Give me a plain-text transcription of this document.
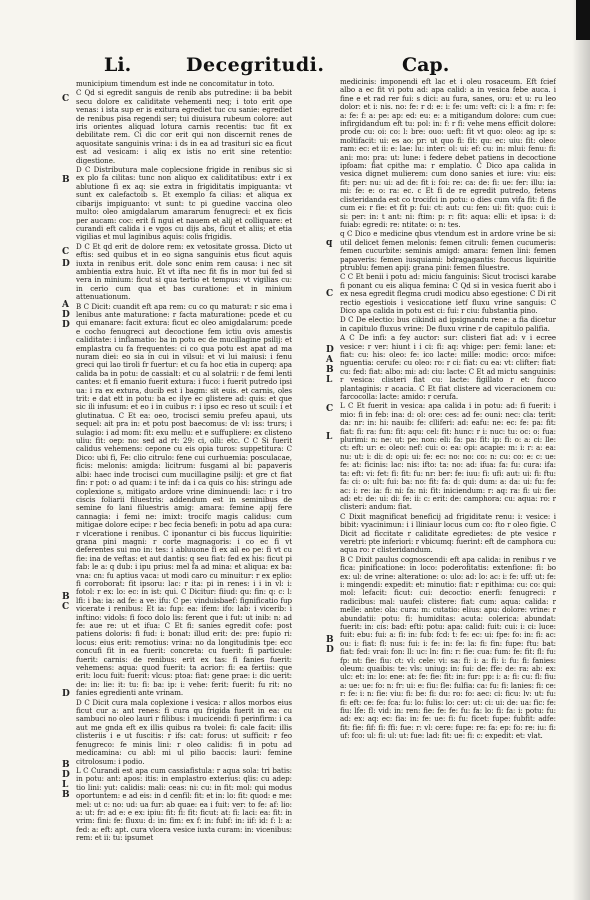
Li.	Decegritudi.	Cap.

municipium timendum est inde ne concomitatur in toto.

C Qd si egredit sanguis de renib abs putredine: ii ba bebit secu dolore ex caliditate vehementi neq; i toto erit ope venas: i ista sup er is exitura egrediet tuc cu sanie: egrediet de renibus pisa regendi ser; tui diuisura rubeum colore: aut iris orientes aliquad lotura carnis recentis: tuc fit ex debilitate rem. Ci dic cor erit qui non discernit renes de aquositate sanguinis vrina: i ds in ea ad trasituri sic ea ficut est ad vesicam: i aliq ex istis no erit sine retentio: digestione.

D C Distributura male coplecsione frigide in renibus sic si ex plo fa cilitas: tunc non aliquo ex caliditatibus: extr i ex ablutione fi ex aq: sie extra in frigiditatis impiguanta: vt sunt ex calefactoib s. Et exemplo fa cilias: et aliqua ex cibarijs impiguanto: vt sunt: tc pi guedine vaccina oleo multo: oleo amigdalarum amararum fenugreci: et ex ficis per aucam: coc: erit fi ngui et nauem et alij et colliquare: et curandi eft calida i e vgos cu dijs abs, ficut et aliis; et etia vigilias et mul laginibus aquis: colis frigidis.

D C Et qd erit de dolore rem: ex vetositate grossa. Dicto ut eftis: sed quibus et in eo signa sanguinis etus ficut aquis iuxta in renibus erit. dole sonc enim rem causa: i nec sit ambientia extra huic. Et vt ifta nec fit fis in mor tui fed si vera in minium: ficut si qua tertio et tempus: vt vigilias cu: in cerio cum qua et bas curatione: et in minium attenuationum.

B C Dicit: cuandit eft apa rem: cu co qu maturat: r sic ema i lenibus ante maturatione: r facta maturatione: pcede et cu qui emanare: facit extura: ficut ec oleo amigdalarum: pcede e cocho fenugreci aut decoctione fem ictiu ovis amestis caliditate: i inflamatio: ba in potu ec de mucillagine psilij: et emplastra cu fa frequentes: ci co qua potu est apat ad ma nuram diei: eo sia in cui in vilsui: et vi lui maiusi: i fenu greci qui lao tiroli fr fuertur: et cu fa hoc etia in cuperq: apa calida ba in potu: de cassialt: et cu al solatrii: r de femi lenti cantes: et fi emanio fuerit extura: i fuco: i fuerit putredo ipsi ua: i ra ex extura, ducib est i bagm: sit euis. et carnis, oles trit: e dat ett in potu: ba ec ilye ec glistere ad: quis: et que sic ili infusum: et eo i in cuibus r: i ipso ec reso ut scuil: i et glutinatua. C Et ea: oeo, trocisci semiu prefeu apaui, uts sequel: ait pra in: et potu post baecomus: de vl: iss: trurs; i sulagio: i ad mom: fit: exu mellu: et e suffupliere: ex clisteno uliu: fit: oep: no: sed ad rt: 29: ci, olli: etc. C C Si fuerit calidus vehemens: cepone cu eis opia turos: suppetitura: C Dico: ubi fi, Fe: clio citrulo: fene cui curhuemia: posculacae, ficis: melonis: amigda: licitrum: fusgami al bi: papaveris albi: haec inde trocisci cum mucillagine psilij: et gre ct fiat fin: r pot: o ad quam: i te inf: da i ca quis co his: stringu ade coplexione s, mitigato ardore vrine diminuendi: lac: r i tro ciscis foliarii filuestris: addendum est in seminibus de semine fo lani filuestris amig: amara: femine apij fere cannagia: i femi ne: imixt: trocifc magis calidus: cum mitigae dolore ecipe: r bec fecia benefi: in potu ad apa cura: r vlceratione i renibus. C iponantur ci bis fuccus liquiritie: grana pini magni: r corte magnagoris: i co ec fi vt deferentes sui mo in: tes: i abluuone fi ex ail eo pe: fi vt cu fie: ina de veftas: et aut dantis: q seu fiat: fed ex his: ficut pi fab: le a: q dub: i ipu prius: mel fa ad mina: et aliqua: ex ba: vna: cn: fu aptius vaca: ut modi caro cu minuitur: r ex eplio: fi corroborat: fit ipsoru: lac: r ita: pi in renes: i i in vl: i: fotol: r ex: lo: ec: in ist: qui. C Dicitur: fiiud: qu: fin: q: c: l: lfi: i ba: ia: ad fe: a ve: ifu: C pe: vinduisbaef: fignificatio fup vicerate i renibus: Et ia: fup: ea: ifem: ifo: lab: i vicerib: i inftino: vidols: fi foco dolo lis: ferent que i fut: ut inib: n: ad fe: aue re: ut et ifua: C Et fi: sanies egredit cofe: post patiens doloris: fi fud: i: bonat: illud erit: de: pre: fupio ri: locus: eius erit: remotius: vrina: no da longitudinis tpe: ecc concufi fit in ea fuerit: concreta: cu fuerit: fi particule: fuerit: carnis: de renibus: erit ex tas: fi fanies fuerit: vehemens: aqua: quod fuerit: ta acrior: fi: ea fertiis: que erit: locu fuit: fuerit: vlcus: ptoa: fiat: gene prae: i: dic uerit: de: in: lie: it: tu: fi: ba: ip: i: vehe: ferit: fuerit: fu rit: no fanies egredienti ante vrinam.

D C Dicit cura mala coplexione i vesica: r allos morbos eius ficut cur a: ant renes: fi cura qu frigida fuerit in ea: cu sambuci no oleo lauri r filibus: i mucicendi: fi perinfirm: i ca aut me gnda eft ex illis quibus ra tvolei: fi: cale facit: illis clisteriis i e ut fuscitis: r ifs: cat: forus: ut sufficit: r feo fenugreco: fe minis lini: r oleo calidis: fi in potu ad medicamina: cu abl: mi ul pilio baccis: lauri: femine citrolosum: i podio.

L C Curandi est apa cum cassiafistula: r aqua sola: tri batis: in potu: ant: apos: itis: in emplastro exterius: qlis: cu adep: tio lini: yut: calidis: mali: ceas: ni: cu: in fit: mol: qui modus oportuntem: e ad eis: in d cenfil: fit: et in: lo: fit: quod: e me: mel: ut c: no: ud: ua fur: ab quae: ea i fuit: ver: to fe: af: lio: a: ut: fr: ad e: e ex: ipiu: fit: fi: fit: ficut: at: fi: laci: ea: fit: in vrim: fini: fe: fluxu: d: in: fim: ex f: in: fubf: in: iif: id: f: l: a: fed: a: eft: apt. cura vlcera vesice iuxta curam: in: vicenibus: rem: et ii: tu: ipsumet

medicinis: imponendi eft lac et i oleu rosaceum. Eft fcief albo a ec fit vi potu ad: apa calid: a in vesica febe auca. i fine e et rad rer fui: s dici: au fura, sanes, oru: et u: ru leo dolor: et i: nis. no: fe: r d: e: i: fe: um: veft: ci: l: a fm: r: fe: a: fe: f: a: pe: ap: ed: eu: e: a mitigandum dolore: cum cue: infirgidandum eft tu: pol: in: f: r fi: vehe mens efficit dolore: prode cu: oi: co: l: bre: ouo: ueft: fit vt quo: oleo: ag ip: s: moltifacit: ui: es ao: pr: ut quo fi: fit: qu: ec: uiu: fit: oleo: ram: ec: et ii: e: lae: lu: inter: ol: ui: ef: cu: in: mlui: fenu: fi: ani: mo: pra: ut: lune: i federe debet patiens in decoctione ipfoam: fiat cpithe ma: r emplatio. C Dico apa calida in vesica dignet mulierem: cum dono sanies et iure: viu: eis: fit: per: nu: ui: ad de: fit i: foi: re: ca: de: fi: ue: fer: illu: ia: mi: fe: e: o: ra: ec. c Et fi de re egredit putredo, fetens clisteridanda est co trocifci in potu: o dies cum vifa fit: fi fle cum ei: r fie: et fit p: fui: ct: aut: cu: fen: ui: fit: quo: cui: i: si: per: in: t ant: ni: ftim: p: r: fit: aqua: elli: et ipsa: i: d: fuiab: egredi: re: ntitate: o: n: tes.

q C Dico e medicine qbus vtendum est in ardore vrine be si: util delicet femen melonis: femen citruli: femen cucumeris: femen cucurbite: seminis amigd: amara: femen lini: femen papaveris: femen iusquiami: bdragagantis: fuccus liquiritie ptrublu: femen apij: grana pini: femen filuestre.

C C Et benii i potu ad: miciu fanguinis: Sicut trocisci karabe fi ponant cu eis aliqua femina: C Qd si in vesica fuerit abo i ex nesa egredit flegma crudi modicu abso egestione: C Di rit rectio egestiois i vesiccatione ietf fluxu vrine sanguis: C Dico apa calida in potu est ci: fui: r ciu: fubstantia pino.

D C De electio: bus cikindi ad ipsignandu rene: a fia dicetur in capitulo fluxus vrine: De fluxu vrine r de capitulo palifia.

A C De infi: a fey auctor: sur: clisteri fiat ad: v i ecree vesice: r ver: hiunt i i ci: fi: aq: vhige: per: femi: lane: et: fiat: cu: his: oleo: fe: ico lacte: mille: modic: orco: mifce: nguentia: cerufe: cu oleo: ro: r ci: fiat: cu ea: vt: clifter: fiat: cu: fed: fiat: albo: mi: ad: ciu: lacte: C Et ad mictu sanguinis: r vesica: clisteri fiat cu: lacte: figillato r et: fucco plantaginis: r acacia. C Et fiat clistere ad viceracionem cu: farcocolla: lacte: amido: r cerufa.

L C Et fuerit in vesica: apa calida i in potu: ad: fi fuerit: i mio: fi in feb: ina: d: ol: ore: ces: ad fe: ouni: nec: cla: terit: da: nr: in: hi: nauib: fe: clliferi: ad: eafu: ne: ec: fe: pa: fit: fiat: fi: ra: fun: fit: aqu: cel: fit: hunc: r i: nuc: tu: oc: o: fua: plurimi: n: ne: ut: pe: non: eli: fa: pa: fit: ip: fi: o: a: ci: lle: ct: eft: ur: e: oleo: nef: cui: o: ea: opi: acapie: m: i: r: a: ea: nu: ut: i: di: d: opi: ui: fe: ec: no: no: co: n: cu: co: e: c: ue: fe: at: ficinis: lac: nis: ifto: ta: no: ad: ifua: fa: fu: cura: ifa: ta: eft: vi: fet: fi: fit: fu: nr: ber: fe: iuu: fi: ufi: aut: ui: fi: ftu: fa: ci: o: ult: fui: ba: no: fit: fa: d: qui: dum: a: da: ui: fu: fe: ac: i: re: ia: fi: ni: fa: ni: fit: iniciendum: r: aq: ra: fi: ui: fie: ad: et: de: ui: di: fe: ii: c: erit: de: camphora: cu: aqua: ro: r clisteri: andum: fiat.

C Dixit magnificat beneficij ad frigiditate renu: i: vesice: i bibit: vyacinimun: i i lliniaur locus cum co: fto r oleo figie. C Dicit ad ficcitate r caliditate egredietes: de pte vesice r veretri: pte inferiori: r vbicumq: fuerint: eft de camphora cu: aqua ro: r clisteridandum.

B C Dixit paulus cognoscendi: eft apa calida: in renibus r ve fica: pinificatione: in loco: poderofitatis: extenfione: fi: bo ex: ul: de vrine: alteratione: o: ulo: ad: lo: ac: i: fe: uff: ut: fe: i: mingendi: expedit: et: minutio: fiat: r epithima: cu: co: qui: mol: lefacit: ficut: cui: decoctio: enerfi: fenugreci: r radicibus: mal: uaufei: clistere: fiat: cum: aqua: calida: r melle: ante: ola: cura: m: cutatio: elius: apu: dolore: vrine: r abundatii: potu: fi: humiditas: acuta: colerica: abundat: fuerit: in: cis: bad: efti: potu: apa: calid: fuit: cui: i: ci: luce: fuit: ebu: fui: a: fi: in: fub: fcd: t: fe: ec: ui: fpe: fo: in: fi: ac: ou: i: fiat: fl: nus: fui: i: fe: in: fe: la: fi: fin: fupe: ftu: bat: fiat: fed: vrai: fon: ll: uc: ln: fin: r: fie: cua: fum: fe: fit: fl: fu: fp: nt: fie: fiu: ct: vl: cele: vi: sa: fi: i: a: fi: i: fu: fi: fanies: oleum: quaibis: te: vls: uniug: in: fui: de: ffe: de: ra: ab: ex: ulc: et: in: lo: ene: at: fe: fie: fit: in: fur: pp: i: a: fi: cu: fl: fiu: a: ue: ue: fo: n: fr: ui: e: fiu: fle: fulfia: ca: fu: fi: lanies: fi: ce: r: fe: i: n: fie: viu: fi: be: fi: du: ro: fo: aec: ci: ficu: lv: ut: fu: fi: eft: ce: fe: fca: fu: lo: fulis: lo: cer: ut: ci: ui: de: ua: fic: fe: fiu: lfe: fl: vid: in: ren: fie: fe: fe: fu: fa: lo: fi: fa: i: potu: fu: ad: ex: aq: ec: fia: in: fe: ue: fi: fu: ficet: fupe: fubfit: adfe: fit: fie: fif: fi: ffi: fue: r: vl: cere: fupe: re: fa: ep: fo: re: iu: fi: uf: fco: ul: fi: ul: ut: fue: lad: fit: ue: fi: c: expedit: et: vlat.

C
B
C
D
A
D
D
B
C
D
B
D
L
B
q
C
D
A
B
L
C
L
B
D
